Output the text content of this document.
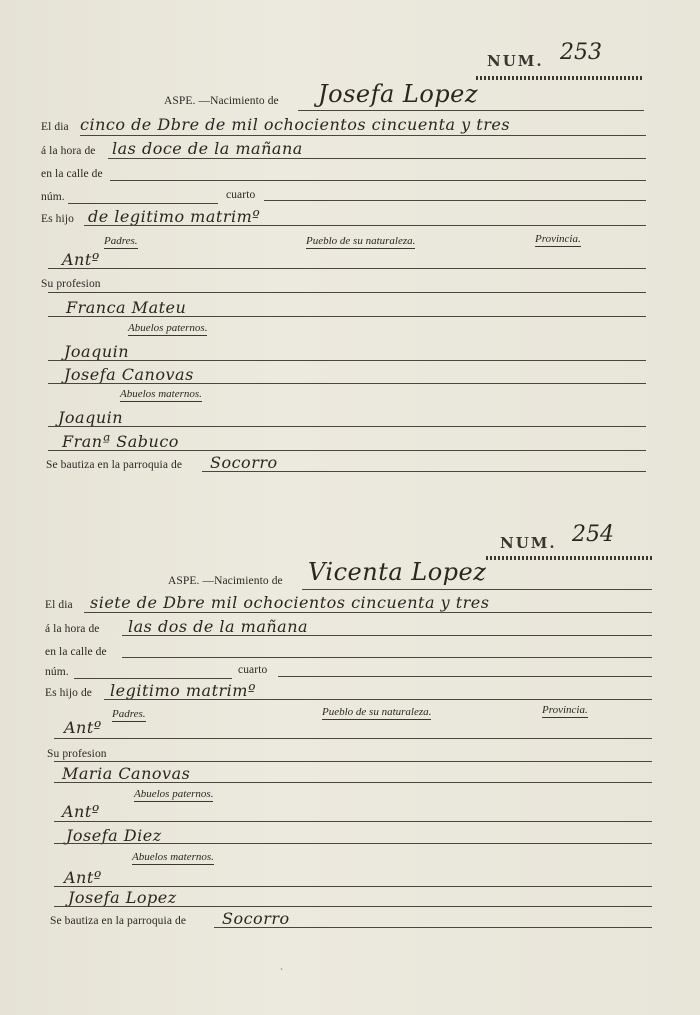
NUM. 253
ASPE. —Nacimiento de Josefa Lopez
El dia cinco de Dbre de mil ochocientos cincuenta y tres
á la hora de las doce de la mañana
en la calle de
núm.	cuarto
Es hijo de legitimo matrimº
Padres.	Pueblo de su naturaleza.	Provincia.
Antº
Su profesion
Franca Mateu
Abuelos paternos.
Joaquin
Josefa Canovas
Abuelos maternos.
Joaquin
Franª Sabuco
Se bautiza en la parroquia de Socorro
NUM. 254
ASPE. —Nacimiento de Vicenta Lopez
El dia siete de Dbre mil ochocientos cincuenta y tres
á la hora de las dos de la mañana
en la calle de
núm.	cuarto
Es hijo de legitimo matrimº
Padres.	Pueblo de su naturaleza.	Provincia.
Antº
Su profesion
Maria Canovas
Abuelos paternos.
Antº
Josefa Diez
Abuelos maternos.
Antº
Josefa Lopez
Se bautiza en la parroquia de Socorro
ˋ
